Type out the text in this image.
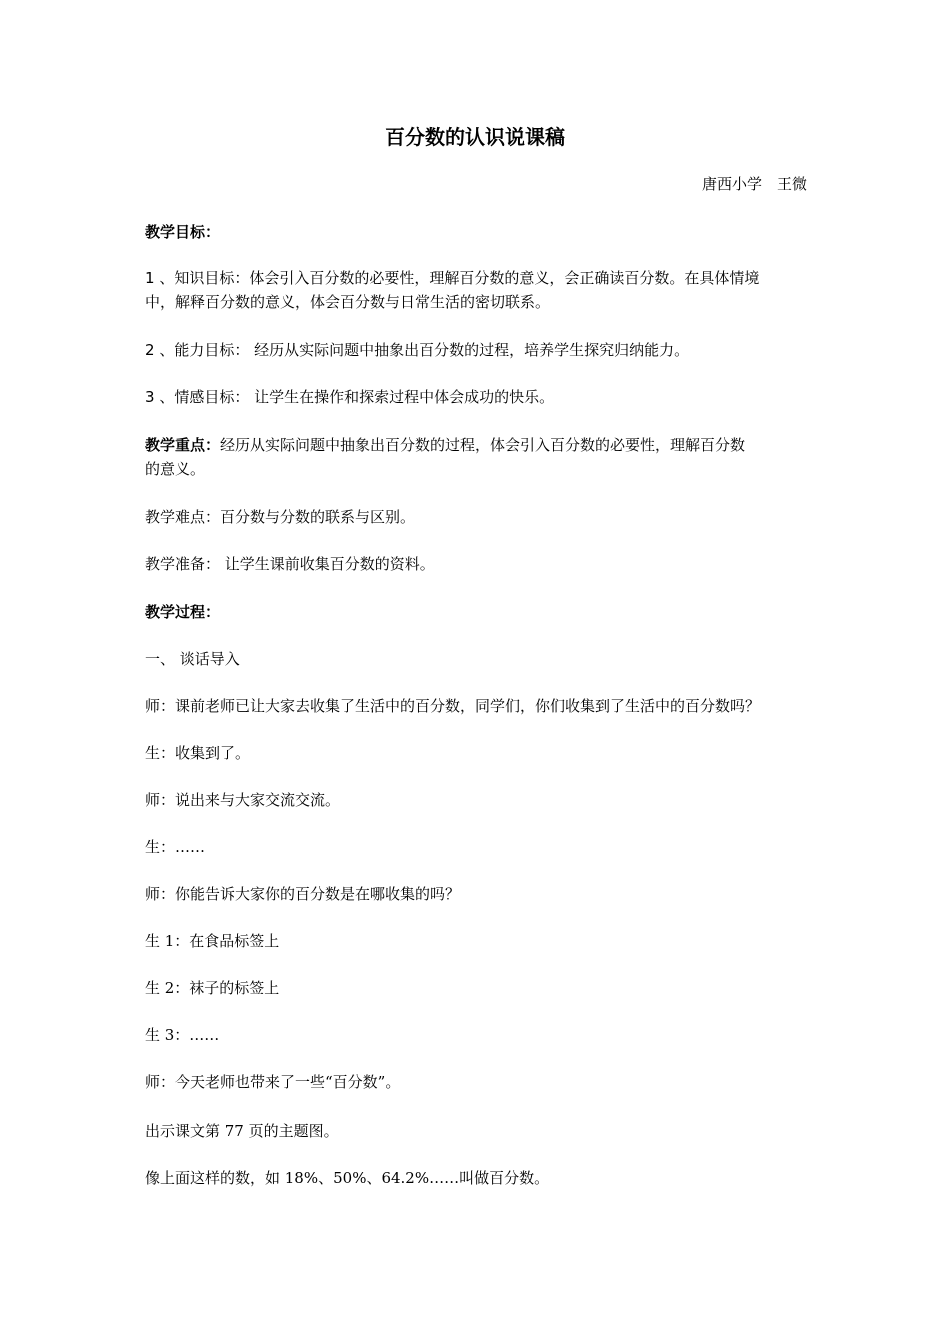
百分数的认识说课稿
唐西小学　王微
教学目标：
1 、知识目标：体会引入百分数的必要性，理解百分数的意义，会正确读百分数。在具体情境
中，解释百分数的意义，体会百分数与日常生活的密切联系。
2 、能力目标： 经历从实际问题中抽象出百分数的过程，培养学生探究归纳能力。
3 、情感目标： 让学生在操作和探索过程中体会成功的快乐。
教学重点：经历从实际问题中抽象出百分数的过程，体会引入百分数的必要性，理解百分数
的意义。
教学难点：百分数与分数的联系与区别。
教学准备： 让学生课前收集百分数的资料。
教学过程：
一、 谈话导入
师：课前老师已让大家去收集了生活中的百分数，同学们，你们收集到了生活中的百分数吗？
生：收集到了。
师：说出来与大家交流交流。
生：……
师：你能告诉大家你的百分数是在哪收集的吗？
生 1：在食品标签上
生 2：袜子的标签上
生 3：……
师：今天老师也带来了一些“百分数”。
出示课文第 77 页的主题图。
像上面这样的数，如 18%、50%、64.2%……叫做百分数。
